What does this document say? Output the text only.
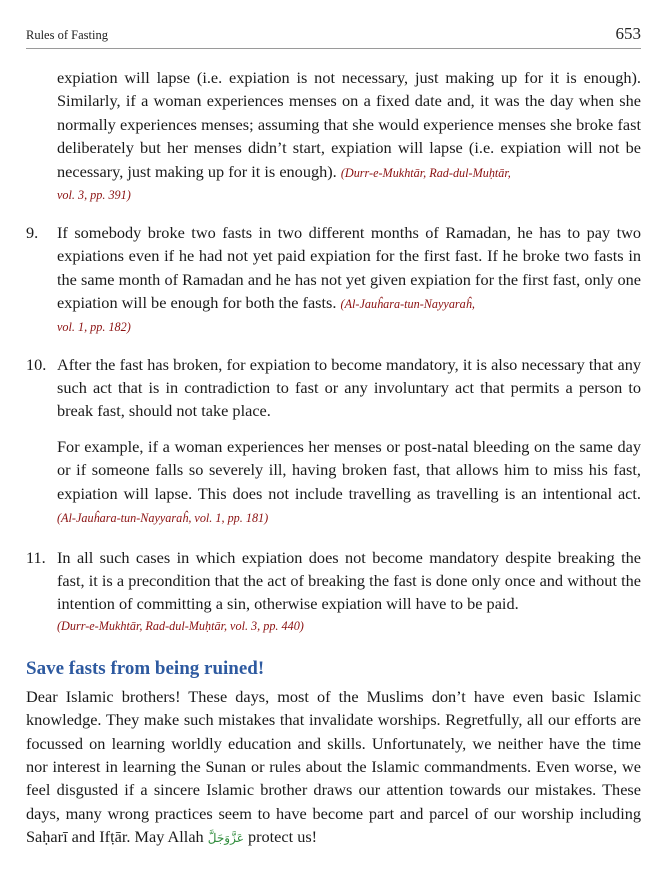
Rules of Fasting	653

expiation will lapse (i.e. expiation is not necessary, just making up for it is enough). Similarly, if a woman experiences menses on a fixed date and, it was the day when she normally experiences menses; assuming that she would experience menses she broke fast deliberately but her menses didn’t start, expiation will lapse (i.e. expiation will not be necessary, just making up for it is enough). (Durr-e-Mukhtār, Rad-dul-Muḥtār,
vol. 3, pp. 391)

9. If somebody broke two fasts in two different months of Ramadan, he has to pay two expiations even if he had not yet paid expiation for the first fast. If he broke two fasts in the same month of Ramadan and he has not yet given expiation for the first fast, only one expiation will be enough for both the fasts. (Al-Jauĥara-tun-Nayyaraĥ,
vol. 1, pp. 182)

10. After the fast has broken, for expiation to become mandatory, it is also necessary that any such act that is in contradiction to fast or any involuntary act that permits a person to break fast, should not take place.

For example, if a woman experiences her menses or post-natal bleeding on the same day or if someone falls so severely ill, having broken fast, that allows him to miss his fast, expiation will lapse. This does not include travelling as travelling is an intentional act. (Al-Jauĥara-tun-Nayyaraĥ, vol. 1, pp. 181)

11. In all such cases in which expiation does not become mandatory despite breaking the fast, it is a precondition that the act of breaking the fast is done only once and without the intention of committing a sin, otherwise expiation will have to be paid.
(Durr-e-Mukhtār, Rad-dul-Muḥtār, vol. 3, pp. 440)

Save fasts from being ruined!

Dear Islamic brothers! These days, most of the Muslims don’t have even basic Islamic knowledge. They make such mistakes that invalidate worships. Regretfully, all our efforts are focussed on learning worldly education and skills. Unfortunately, we neither have the time nor interest in learning the Sunan or rules about the Islamic commandments. Even worse, we feel disgusted if a sincere Islamic brother draws our attention towards our mistakes. These days, many wrong practices seem to have become part and parcel of our worship including Saḥarī and Ifṭār. May Allah عَزَّوَجَلَّ protect us!
